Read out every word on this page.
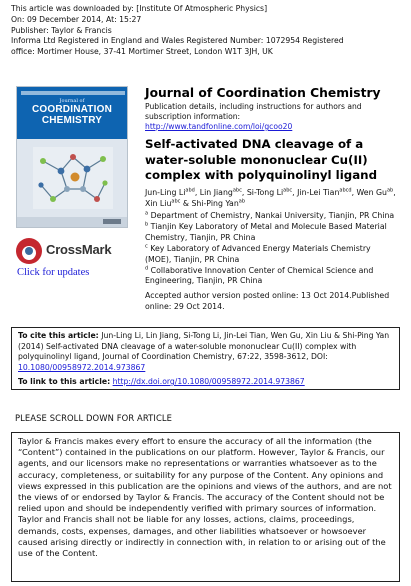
This article was downloaded by: [Institute Of Atmospheric Physics]
On: 09 December 2014, At: 15:27
Publisher: Taylor & Francis
Informa Ltd Registered in England and Wales Registered Number: 1072954 Registered
office: Mortimer House, 37-41 Mortimer Street, London W1T 3JH, UK
Journal of
COORDINATION
CHEMISTRY
CrossMark
Click for updates
Journal of Coordination Chemistry
Publication details, including instructions for authors and
subscription information:
http://www.tandfonline.com/loi/gcoo20
Self-activated DNA cleavage of a water-soluble mononuclear Cu(II) complex with polyquinolinyl ligand
Jun-Ling $Li^{abd}$, Lin Jiang$^{abc}$, Si-Tong $Li^{abc}$, Jin-Lei Tian$^{abcd}$, Wen $Gu^{ab}$, Xin Liu$^{abc}$ & Shi-Ping Yan$^{ab}$
$^a$ Department of Chemistry, Nankai University, Tianjin, PR China
$^b$ Tianjin Key Laboratory of Metal and Molecule Based Material Chemistry, Tianjin, PR China
$^c$ Key Laboratory of Advanced Energy Materials Chemistry (MOE), Tianjin, PR China
$^d$ Collaborative Innovation Center of Chemical Science and Engineering, Tianjin, PR China
Accepted author version posted online: 13 Oct 2014.Published online: 29 Oct 2014.
To cite this article: Jun-Ling Li, Lin Jiang, Si-Tong Li, Jin-Lei Tian, Wen Gu, Xin Liu & Shi-Ping Yan (2014) Self-activated DNA cleavage of a water-soluble mononuclear Cu(II) complex with polyquinolinyl ligand, Journal of Coordination Chemistry, 67:22, 3598-3612, DOI: 10.1080/00958972.2014.973867
To link to this article: http://dx.doi.org/10.1080/00958972.2014.973867
PLEASE SCROLL DOWN FOR ARTICLE
Taylor & Francis makes every effort to ensure the accuracy of all the information (the “Content”) contained in the publications on our platform. However, Taylor & Francis, our agents, and our licensors make no representations or warranties whatsoever as to the accuracy, completeness, or suitability for any purpose of the Content. Any opinions and views expressed in this publication are the opinions and views of the authors, and are not the views of or endorsed by Taylor & Francis. The accuracy of the Content should not be relied upon and should be independently verified with primary sources of information. Taylor and Francis shall not be liable for any losses, actions, claims, proceedings, demands, costs, expenses, damages, and other liabilities whatsoever or howsoever caused arising directly or indirectly in connection with, in relation to or arising out of the use of the Content.
